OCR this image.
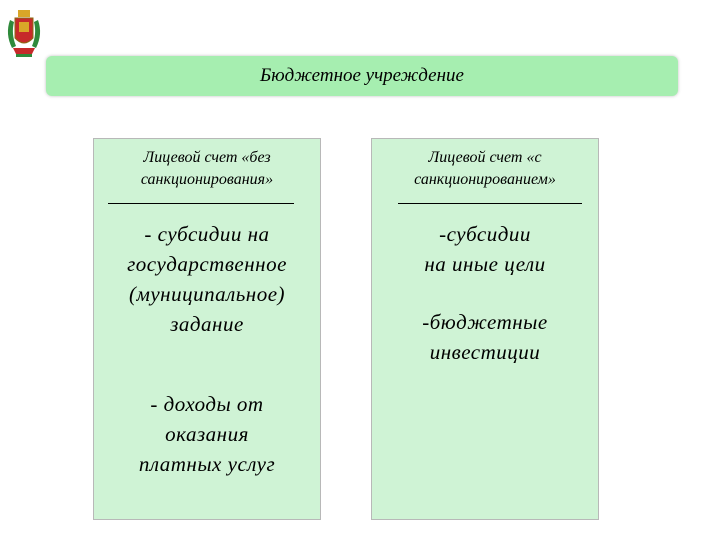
Бюджетное учреждение
Лицевой счет «без
санкционирования»
- субсидии на
государственное
(муниципальное)
задание
- доходы от
оказания
платных услуг
Лицевой счет «с
санкционированием»
-субсидии
на иные цели
-бюджетные
инвестиции
